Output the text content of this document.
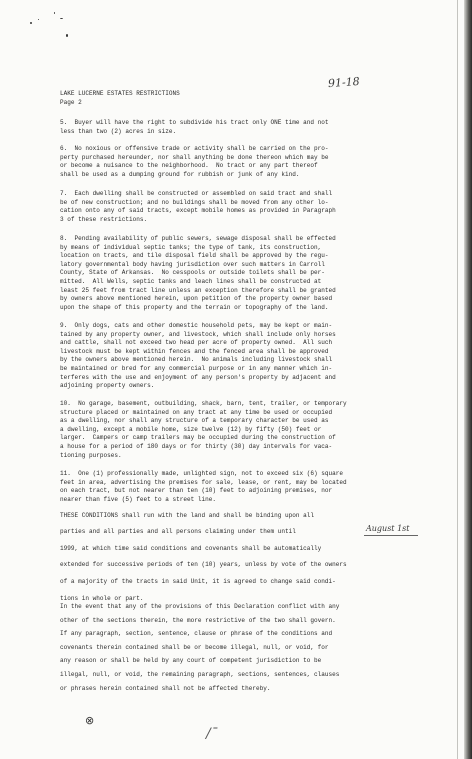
91-18
LAKE LUCERNE ESTATES RESTRICTIONS
Page 2
5.  Buyer will have the right to subdivide his tract only ONE time and not
less than two (2) acres in size.
6.  No noxious or offensive trade or activity shall be carried on the pro-
perty purchased hereunder, nor shall anything be done thereon which may be
or become a nuisance to the neighborhood.  No tract or any part thereof
shall be used as a dumping ground for rubbish or junk of any kind.
7.  Each dwelling shall be constructed or assembled on said tract and shall
be of new construction; and no buildings shall be moved from any other lo-
cation onto any of said tracts, except mobile homes as provided in Paragraph
3 of these restrictions.
8.  Pending availability of public sewers, sewage disposal shall be effected
by means of individual septic tanks; the type of tank, its construction,
location on tracts, and tile disposal field shall be approved by the regu-
latory governmental body having jurisdiction over such matters in Carroll
County, State of Arkansas.  No cesspools or outside toilets shall be per-
mitted.  All Wells, septic tanks and leach lines shall be constructed at
least 25 feet from tract line unless an exception therefore shall be granted
by owners above mentioned herein, upon petition of the property owner based
upon the shape of this property and the terrain or topography of the land.
9.  Only dogs, cats and other domestic household pets, may be kept or main-
tained by any property owner, and livestock, which shall include only horses
and cattle, shall not exceed two head per acre of property owned.  All such
livestock must be kept within fences and the fenced area shall be approved
by the owners above mentioned herein.  No animals including livestock shall
be maintained or bred for any commercial purpose or in any manner which in-
terferes with the use and enjoyment of any person's property by adjacent and
adjoining property owners.
10.  No garage, basement, outbuilding, shack, barn, tent, trailer, or temporary
structure placed or maintained on any tract at any time be used or occupied
as a dwelling, nor shall any structure of a temporary character be used as
a dwelling, except a mobile home, size twelve (12) by fifty (50) feet or
larger.  Campers or camp trailers may be occupied during the construction of
a house for a period of 180 days or for thirty (30) day intervals for vaca-
tioning purposes.
11.  One (1) professionally made, unlighted sign, not to exceed six (6) square
feet in area, advertising the premises for sale, lease, or rent, may be located
on each tract, but not nearer than ten (10) feet to adjoining premises, nor
nearer than five (5) feet to a street line.
THESE CONDITIONS shall run with the land and shall be binding upon all
parties and all parties and all persons claiming under them until	August 1st
1999, at which time said conditions and covenants shall be automatically
extended for successive periods of ten (10) years, unless by vote of the owners
of a majority of the tracts in said Unit, it is agreed to change said condi-
tions in whole or part.
In the event that any of the provisions of this Declaration conflict with any
other of the sections therein, the more restrictive of the two shall govern.
If any paragraph, section, sentence, clause or phrase of the conditions and
covenants therein contained shall be or become illegal, null, or void, for
any reason or shall be held by any court of competent jurisdiction to be
illegal, null, or void, the remaining paragraph, sections, sentences, clauses
or phrases herein contained shall not be affected thereby.
⊗
/ˉ
